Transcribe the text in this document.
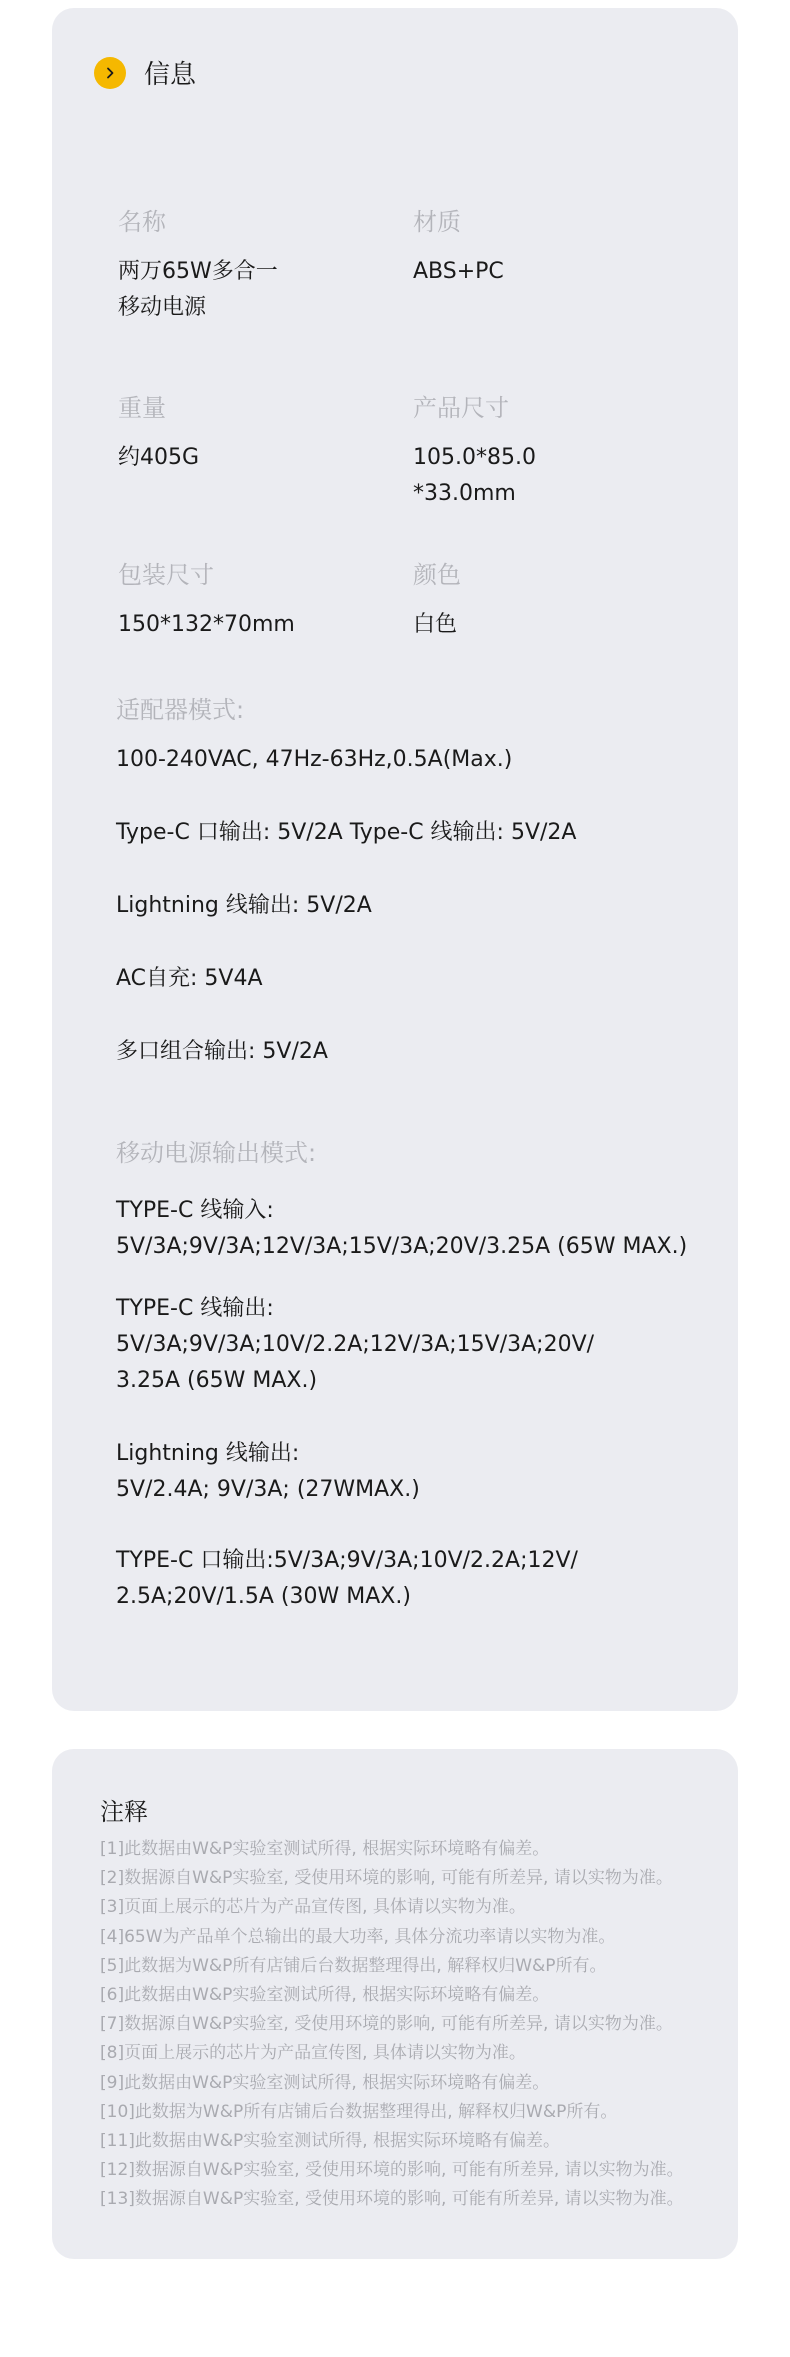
信息
名称
两万65W多合一
移动电源
材质
ABS+PC
重量
约405G
产品尺寸
105.0*85.0
*33.0mm
包装尺寸
150*132*70mm
颜色
白色
适配器模式:
100-240VAC, 47Hz-63Hz,0.5A(Max.)
Type-C 口输出: 5V/2A Type-C 线输出: 5V/2A
Lightning 线输出: 5V/2A
AC自充: 5V4A
多口组合输出: 5V/2A
移动电源输出模式:
TYPE-C 线输入:
5V/3A;9V/3A;12V/3A;15V/3A;20V/3.25A (65W MAX.)
TYPE-C 线输出:
5V/3A;9V/3A;10V/2.2A;12V/3A;15V/3A;20V/
3.25A (65W MAX.)
Lightning 线输出:
5V/2.4A; 9V/3A; (27WMAX.)
TYPE-C 口输出:5V/3A;9V/3A;10V/2.2A;12V/
2.5A;20V/1.5A (30W MAX.)
注释
[1]此数据由W&P实验室测试所得, 根据实际环境略有偏差。
[2]数据源自W&P实验室, 受使用环境的影响, 可能有所差异, 请以实物为准。
[3]页面上展示的芯片为产品宣传图, 具体请以实物为准。
[4]65W为产品单个总输出的最大功率, 具体分流功率请以实物为准。
[5]此数据为W&P所有店铺后台数据整理得出, 解释权归W&P所有。
[6]此数据由W&P实验室测试所得, 根据实际环境略有偏差。
[7]数据源自W&P实验室, 受使用环境的影响, 可能有所差异, 请以实物为准。
[8]页面上展示的芯片为产品宣传图, 具体请以实物为准。
[9]此数据由W&P实验室测试所得, 根据实际环境略有偏差。
[10]此数据为W&P所有店铺后台数据整理得出, 解释权归W&P所有。
[11]此数据由W&P实验室测试所得, 根据实际环境略有偏差。
[12]数据源自W&P实验室, 受使用环境的影响, 可能有所差异, 请以实物为准。
[13]数据源自W&P实验室, 受使用环境的影响, 可能有所差异, 请以实物为准。
